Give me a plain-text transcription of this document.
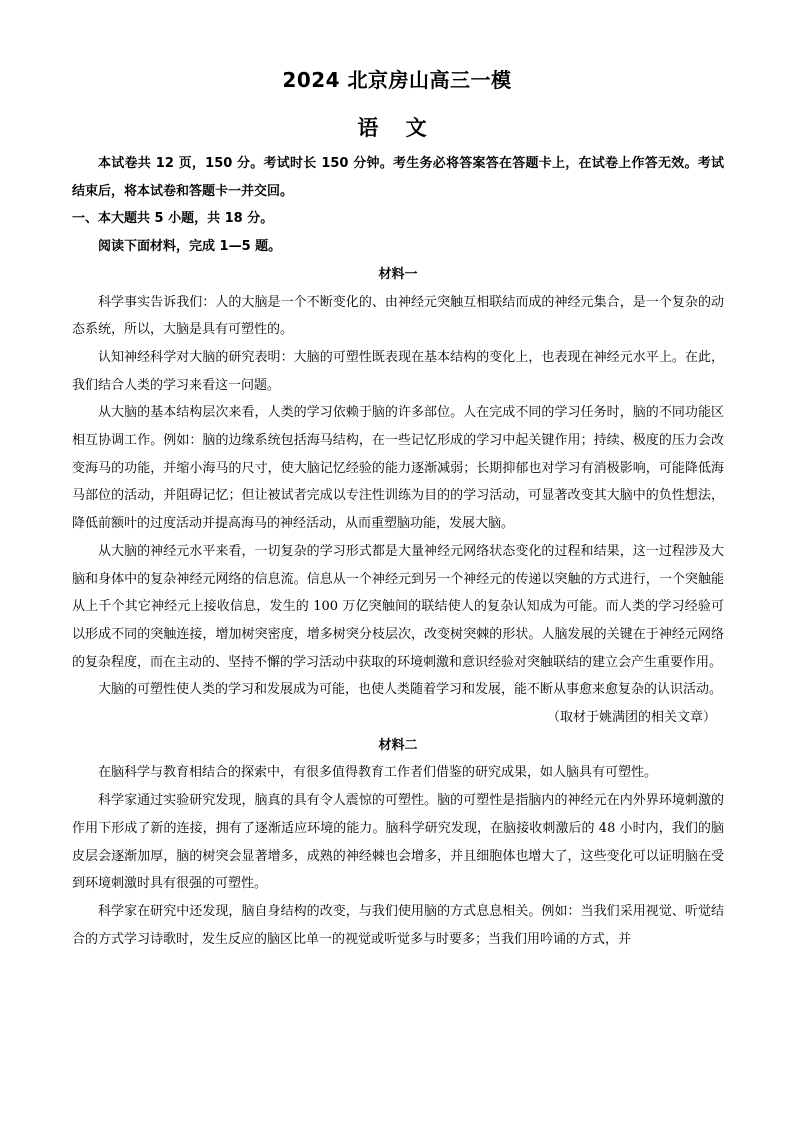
2024 北京房山高三一模
语 文

本试卷共 12 页，150 分。考试时长 150 分钟。考生务必将答案答在答题卡上，在试卷上作答无效。考试结束后，将本试卷和答题卡一并交回。

一、本大题共 5 小题，共 18 分。

阅读下面材料，完成 1—5 题。

材料一

科学事实告诉我们：人的大脑是一个不断变化的、由神经元突触互相联结而成的神经元集合，是一个复杂的动态系统，所以，大脑是具有可塑性的。

认知神经科学对大脑的研究表明：大脑的可塑性既表现在基本结构的变化上，也表现在神经元水平上。在此，我们结合人类的学习来看这一问题。

从大脑的基本结构层次来看，人类的学习依赖于脑的许多部位。人在完成不同的学习任务时，脑的不同功能区相互协调工作。例如：脑的边缘系统包括海马结构，在一些记忆形成的学习中起关键作用；持续、极度的压力会改变海马的功能，并缩小海马的尺寸，使大脑记忆经验的能力逐渐减弱；长期抑郁也对学习有消极影响，可能降低海马部位的活动，并阻碍记忆；但让被试者完成以专注性训练为目的的学习活动，可显著改变其大脑中的负性想法，降低前额叶的过度活动并提高海马的神经活动，从而重塑脑功能，发展大脑。

从大脑的神经元水平来看，一切复杂的学习形式都是大量神经元网络状态变化的过程和结果，这一过程涉及大脑和身体中的复杂神经元网络的信息流。信息从一个神经元到另一个神经元的传递以突触的方式进行，一个突触能从上千个其它神经元上接收信息，发生的 100 万亿突触间的联结使人的复杂认知成为可能。而人类的学习经验可以形成不同的突触连接，增加树突密度，增多树突分枝层次，改变树突棘的形状。人脑发展的关键在于神经元网络的复杂程度，而在主动的、坚持不懈的学习活动中获取的环境刺激和意识经验对突触联结的建立会产生重要作用。

大脑的可塑性使人类的学习和发展成为可能，也使人类随着学习和发展，能不断从事愈来愈复杂的认识活动。

（取材于姚满团的相关文章）

材料二

在脑科学与教育相结合的探索中，有很多值得教育工作者们借鉴的研究成果，如人脑具有可塑性。

科学家通过实验研究发现，脑真的具有令人震惊的可塑性。脑的可塑性是指脑内的神经元在内外界环境刺激的作用下形成了新的连接，拥有了逐渐适应环境的能力。脑科学研究发现，在脑接收刺激后的 48 小时内，我们的脑皮层会逐渐加厚，脑的树突会显著增多，成熟的神经棘也会增多，并且细胞体也增大了，这些变化可以证明脑在受到环境刺激时具有很强的可塑性。

科学家在研究中还发现，脑自身结构的改变，与我们使用脑的方式息息相关。例如：当我们采用视觉、听觉结合的方式学习诗歌时，发生反应的脑区比单一的视觉或听觉多与时要多；当我们用吟诵的方式，并
